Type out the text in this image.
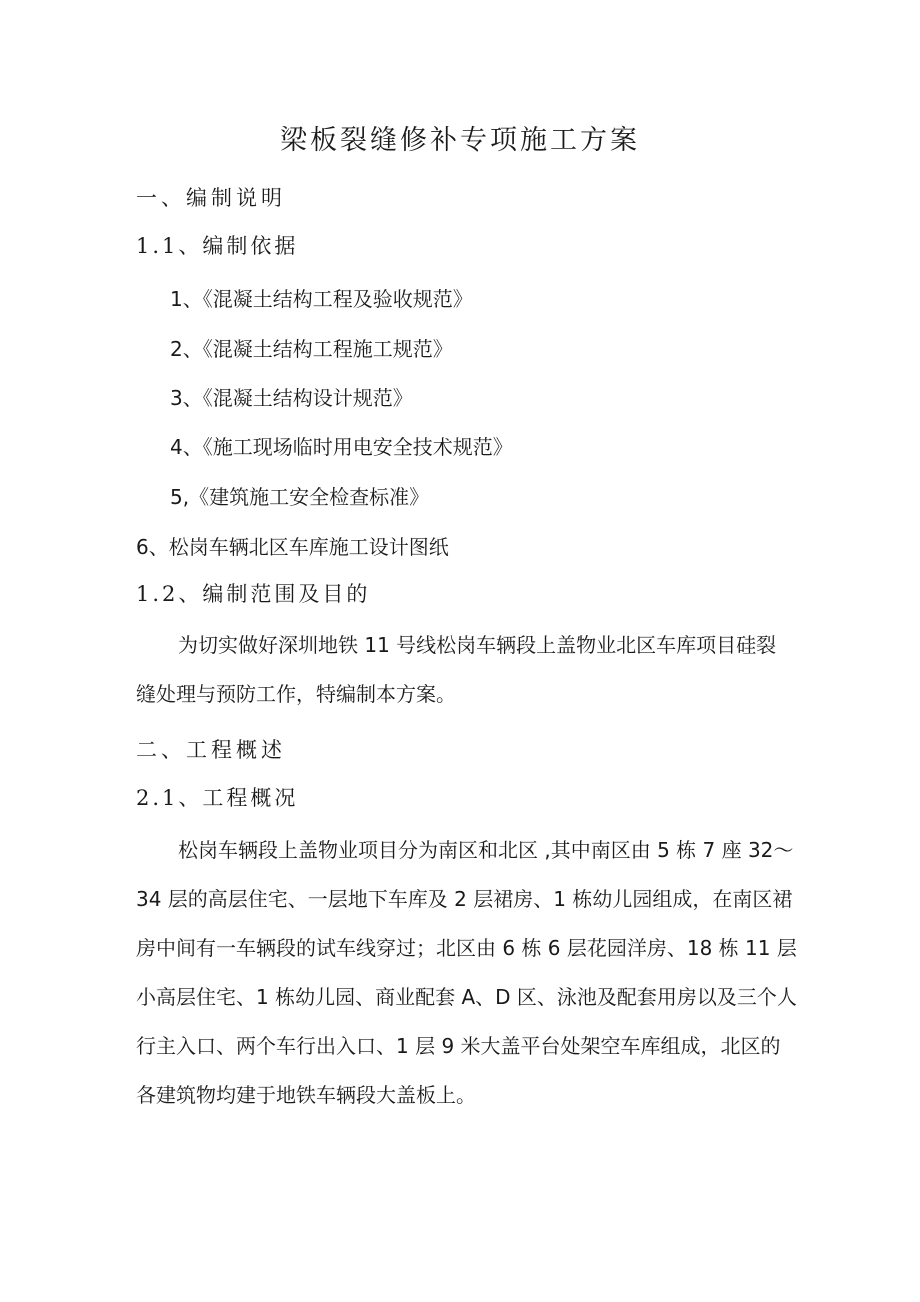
梁板裂缝修补专项施工方案
一、编制说明
1.1、编制依据

1、《混凝土结构工程及验收规范》

2、《混凝土结构工程施工规范》

3、《混凝土结构设计规范》

4、《施工现场临时用电安全技术规范》

5,《建筑施工安全检查标准》

6、松岗车辆北区车库施工设计图纸

1.2、编制范围及目的

为切实做好深圳地铁 11 号线松岗车辆段上盖物业北区车库项目硅裂

缝处理与预防工作，特编制本方案。

二、工程概述
2.1、工程概况

松岗车辆段上盖物业项目分为南区和北区 ,其中南区由 5 栋 7 座 32～

34 层的高层住宅、一层地下车库及 2 层裙房、1 栋幼儿园组成，在南区裙

房中间有一车辆段的试车线穿过；北区由 6 栋 6 层花园洋房、18 栋 11 层

小高层住宅、1 栋幼儿园、商业配套 A、D 区、泳池及配套用房以及三个人

行主入口、两个车行出入口、1 层 9 米大盖平台处架空车库组成，北区的

各建筑物均建于地铁车辆段大盖板上。
